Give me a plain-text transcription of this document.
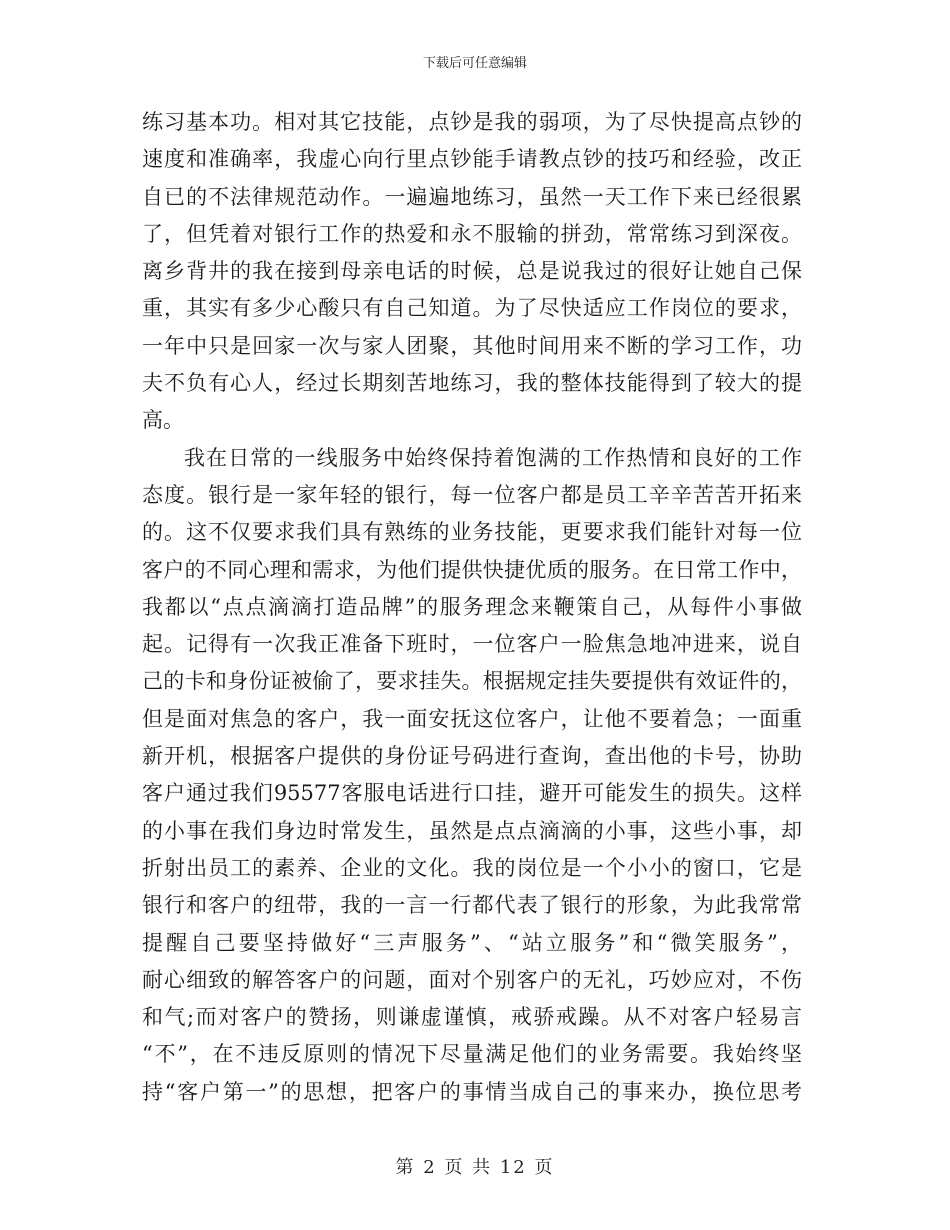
下载后可任意编辑
练习基本功。相对其它技能，点钞是我的弱项，为了尽快提高点钞的
速度和准确率，我虚心向行里点钞能手请教点钞的技巧和经验，改正
自已的不法律规范动作。一遍遍地练习，虽然一天工作下来已经很累
了，但凭着对银行工作的热爱和永不服输的拼劲，常常练习到深夜。
离乡背井的我在接到母亲电话的时候，总是说我过的很好让她自己保
重，其实有多少心酸只有自己知道。为了尽快适应工作岗位的要求，
一年中只是回家一次与家人团聚，其他时间用来不断的学习工作，功
夫不负有心人，经过长期刻苦地练习，我的整体技能得到了较大的提
高。
我在日常的一线服务中始终保持着饱满的工作热情和良好的工作
态度。银行是一家年轻的银行，每一位客户都是员工辛辛苦苦开拓来
的。这不仅要求我们具有熟练的业务技能，更要求我们能针对每一位
客户的不同心理和需求，为他们提供快捷优质的服务。在日常工作中，
我都以“点点滴滴打造品牌”的服务理念来鞭策自己，从每件小事做
起。记得有一次我正准备下班时，一位客户一脸焦急地冲进来，说自
己的卡和身份证被偷了，要求挂失。根据规定挂失要提供有效证件的，
但是面对焦急的客户，我一面安抚这位客户，让他不要着急；一面重
新开机，根据客户提供的身份证号码进行查询，查出他的卡号，协助
客户通过我们95577客服电话进行口挂，避开可能发生的损失。这样
的小事在我们身边时常发生，虽然是点点滴滴的小事，这些小事，却
折射出员工的素养、企业的文化。我的岗位是一个小小的窗口，它是
银行和客户的纽带，我的一言一行都代表了银行的形象，为此我常常
提醒自己要坚持做好“三声服务”、“站立服务”和“微笑服务”，
耐心细致的解答客户的问题，面对个别客户的无礼，巧妙应对，不伤
和气;而对客户的赞扬，则谦虚谨慎，戒骄戒躁。从不对客户轻易言
“不”，在不违反原则的情况下尽量满足他们的业务需要。我始终坚
持“客户第一”的思想，把客户的事情当成自己的事来办，换位思考
第 2 页 共 12 页
